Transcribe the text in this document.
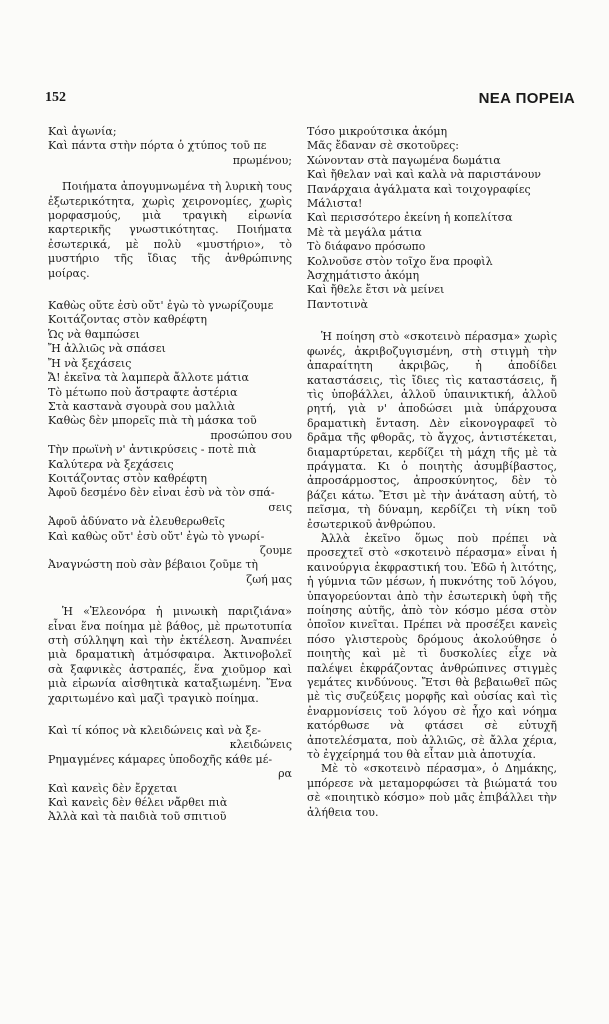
152	ΝΕΑ ΠΟΡΕΙΑ
Καὶ ἀγωνία;
Καὶ πάντα στὴν πόρτα ὁ χτύπος τοῦ πε
πρωμένου;

Ποιήματα ἀπογυμνωμένα τὴ λυρικὴ τους ἐξωτερικότητα, χωρὶς χειρονομίες, χωρὶς μορφασμούς, μιὰ τραγικὴ εἰρωνία καρτερικῆς γνωστικότητας. Ποιήματα ἐσωτερικά, μὲ πολὺ «μυστήριο», τὸ μυστήριο τῆς ἴδιας τῆς ἀνθρώπινης μοίρας.

Καθὼς οὔτε ἐσὺ οὔτ' ἐγὼ τὸ γνωρίζουμε
Κοιτάζοντας στὸν καθρέφτη
Ὡς νὰ θαμπώσει
Ἤ ἀλλιῶς νὰ σπάσει
Ἤ νὰ ξεχάσεις
Ἄ! ἐκεῖνα τὰ λαμπερὰ ἄλλοτε μάτια
Τὸ μέτωπο ποὺ ἄστραφτε ἀστέρια
Στὰ καστανὰ σγουρὰ σου μαλλιὰ
Καθὼς δὲν μπορεῖς πιὰ τὴ μάσκα τοῦ
προσώπου σου
Τὴν πρωϊνὴ ν' ἀντικρύσεις - ποτὲ πιὰ
Καλύτερα νὰ ξεχάσεις
Κοιτάζοντας στὸν καθρέφτη
Ἀφοῦ δεσμένο δὲν εἶναι ἐσὺ νὰ τὸν σπά-
σεις
Ἀφοῦ ἀδύνατο νὰ ἐλευθερωθεῖς
Καὶ καθὼς οὔτ' ἐσὺ οὔτ' ἐγὼ τὸ γνωρί-
ζουμε
Ἀναγνώστη ποὺ σὰν βέβαιοι ζοῦμε τὴ
ζωή μας

Ἡ «Ἐλεονόρα ἡ μινωικὴ παριζιάνα» εἶναι ἕνα ποίημα μὲ βάθος, μὲ πρωτοτυπία στὴ σύλληψη καὶ τὴν ἐκτέλεση. Ἀναπνέει μιὰ δραματικὴ ἀτμόσφαιρα. Ἀκτινοβολεῖ σὰ ξαφνικὲς ἀστραπές, ἕνα χιοῦμορ καὶ μιὰ εἰρωνία αἰσθητικὰ καταξιωμένη. Ἕνα χαριτωμένο καὶ μαζὶ τραγικὸ ποίημα.

Καὶ τί κόπος νὰ κλειδώνεις καὶ νὰ ξε-
κλειδώνεις
Ρημαγμένες κάμαρες ὑποδοχῆς κάθε μέ-
ρα
Καὶ κανεὶς δὲν ἔρχεται
Καὶ κανεὶς δὲν θέλει νἄρθει πιὰ
Ἀλλὰ καὶ τὰ παιδιὰ τοῦ σπιτιοῦ
Τόσο μικρούτσικα ἀκόμη
Μᾶς ἔδαναν σὲ σκοτοῦρες:
Χώνονταν στὰ παγωμένα δωμάτια
Καὶ ἤθελαν ναὶ καὶ καλὰ νὰ παριστάνουν
Πανάρχαια ἀγάλματα καὶ τοιχογραφίες
Μάλιστα!
Καὶ περισσότερο ἐκείνη ἡ κοπελίτσα
Μὲ τὰ μεγάλα μάτια
Τὸ διάφανο πρόσωπο
Κολνοῦσε στὸν τοῖχο ἕνα προφὶλ
Ἀσχημάτιστο ἀκόμη
Καὶ ἤθελε ἔτσι νὰ μείνει
Παντοτινὰ

Ἡ ποίηση στὸ «σκοτεινὸ πέρασμα» χωρὶς φωνές, ἀκριβοζυγισμένη, στὴ στιγμὴ τὴν ἀπαραίτητη ἀκριβῶς, ἡ ἀποδίδει καταστάσεις, τὶς ἴδιες τὶς καταστάσεις, ἤ τὶς ὑποβάλλει, ἀλλοῦ ὑπαινικτική, ἀλλοῦ ρητή, γιὰ ν' ἀποδώσει μιὰ ὑπάρχουσα δραματικὴ ἔνταση. Δὲν εἰκονογραφεῖ τὸ δρᾶμα τῆς φθορᾶς, τὸ ἄγχος, ἀντιστέκεται, διαμαρτύρεται, κερδίζει τὴ μάχη τῆς μὲ τὰ πράγματα. Κι ὁ ποιητὴς ἀσυμβίβαστος, ἀπροσάρμοστος, ἀπροσκύνητος, δὲν τὸ βάζει κάτω. Ἔτσι μὲ τὴν ἀνάταση αὐτή, τὸ πεῖσμα, τὴ δύναμη, κερδίζει τὴ νίκη τοῦ ἐσωτερικοῦ ἀνθρώπου.

Ἀλλὰ ἐκεῖνο ὅμως ποὺ πρέπει νὰ προσεχτεῖ στὸ «σκοτεινὸ πέρασμα» εἶναι ἡ καινούργια ἐκφραστική του. Ἐδῶ ἡ λιτότης, ἡ γύμνια τῶν μέσων, ἡ πυκνότης τοῦ λόγου, ὑπαγορεύονται ἀπὸ τὴν ἐσωτερικὴ ὑφὴ τῆς ποίησης αὐτῆς, ἀπὸ τὸν κόσμο μέσα στὸν ὁποῖον κινεῖται. Πρέπει νὰ προσέξει κανεὶς πόσο γλιστεροὺς δρόμους ἀκολούθησε ὁ ποιητὴς καὶ μὲ τὶ δυσκολίες εἶχε νὰ παλέψει ἐκφράζοντας ἀνθρώπινες στιγμὲς γεμάτες κινδύνους. Ἔτσι θὰ βεβαιωθεῖ πῶς μὲ τὶς συζεύξεις μορφῆς καὶ οὐσίας καὶ τὶς ἐναρμονίσεις τοῦ λόγου σὲ ἦχο καὶ νόημα κατόρθωσε νὰ φτάσει σὲ εὐτυχῆ ἀποτελέσματα, ποὺ ἀλλιῶς, σὲ ἄλλα χέρια, τὸ ἐγχείρημά του θὰ εἶταν μιὰ ἀποτυχία.

Μὲ τὸ «σκοτεινὸ πέρασμα», ὁ Δημάκης, μπόρεσε νὰ μεταμορφώσει τὰ βιώματά του σὲ «ποιητικὸ κόσμο» ποὺ μᾶς ἐπιβάλλει τὴν ἀλήθεια του.
